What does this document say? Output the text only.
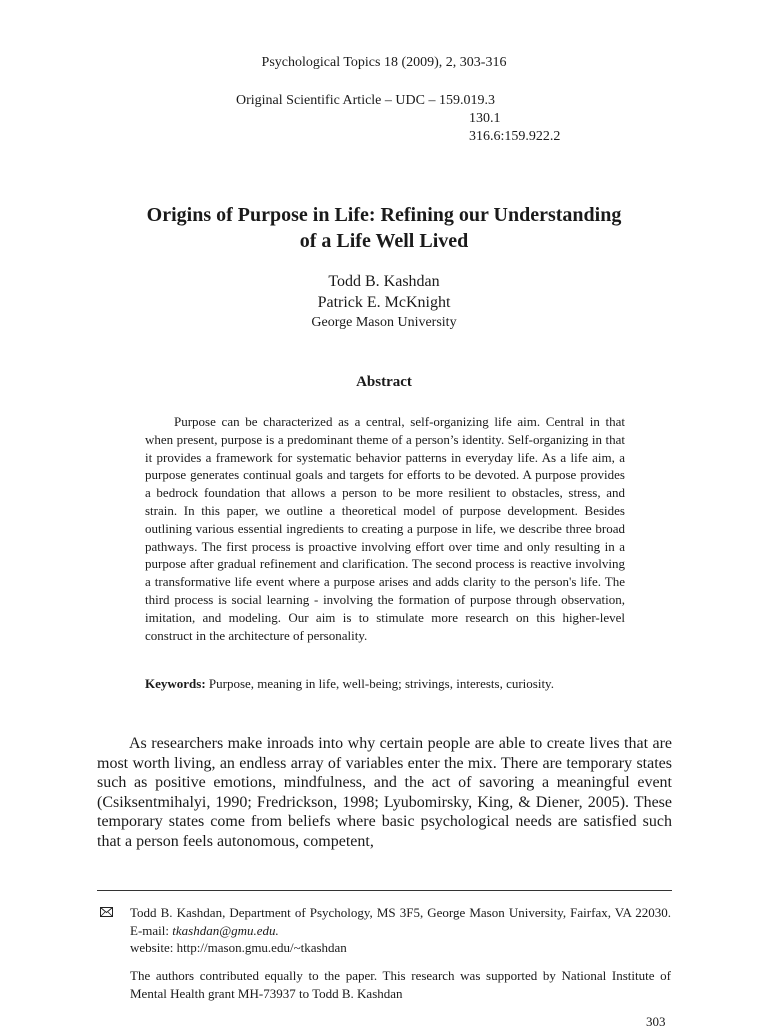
Psychological Topics 18 (2009), 2, 303-316
Original Scientific Article – UDC – 159.019.3
130.1
316.6:159.922.2
Origins of Purpose in Life: Refining our Understanding
of a Life Well Lived
Todd B. Kashdan
Patrick E. McKnight
George Mason University
Abstract

Purpose can be characterized as a central, self-organizing life aim. Central in that when present, purpose is a predominant theme of a person’s identity. Self-organizing in that it provides a framework for systematic behavior patterns in everyday life. As a life aim, a purpose generates continual goals and targets for efforts to be devoted. A purpose provides a bedrock foundation that allows a person to be more resilient to obstacles, stress, and strain. In this paper, we outline a theoretical model of purpose development. Besides outlining various essential ingredients to creating a purpose in life, we describe three broad pathways. The first process is proactive involving effort over time and only resulting in a purpose after gradual refinement and clarification. The second process is reactive involving a transformative life event where a purpose arises and adds clarity to the person's life. The third process is social learning - involving the formation of purpose through observation, imitation, and modeling. Our aim is to stimulate more research on this higher-level construct in the architecture of personality.

Keywords: Purpose, meaning in life, well-being; strivings, interests, curiosity.

As researchers make inroads into why certain people are able to create lives that are most worth living, an endless array of variables enter the mix. There are temporary states such as positive emotions, mindfulness, and the act of savoring a meaningful event (Csiksentmihalyi, 1990; Fredrickson, 1998; Lyubomirsky, King, & Diener, 2005). These temporary states come from beliefs where basic psychological needs are satisfied such that a person feels autonomous, competent,

Todd B. Kashdan, Department of Psychology, MS 3F5, George Mason University, Fairfax, VA 22030. E-mail: tkashdan@gmu.edu.
website: http://mason.gmu.edu/~tkashdan
The authors contributed equally to the paper. This research was supported by National Institute of Mental Health grant MH-73937 to Todd B. Kashdan
303
